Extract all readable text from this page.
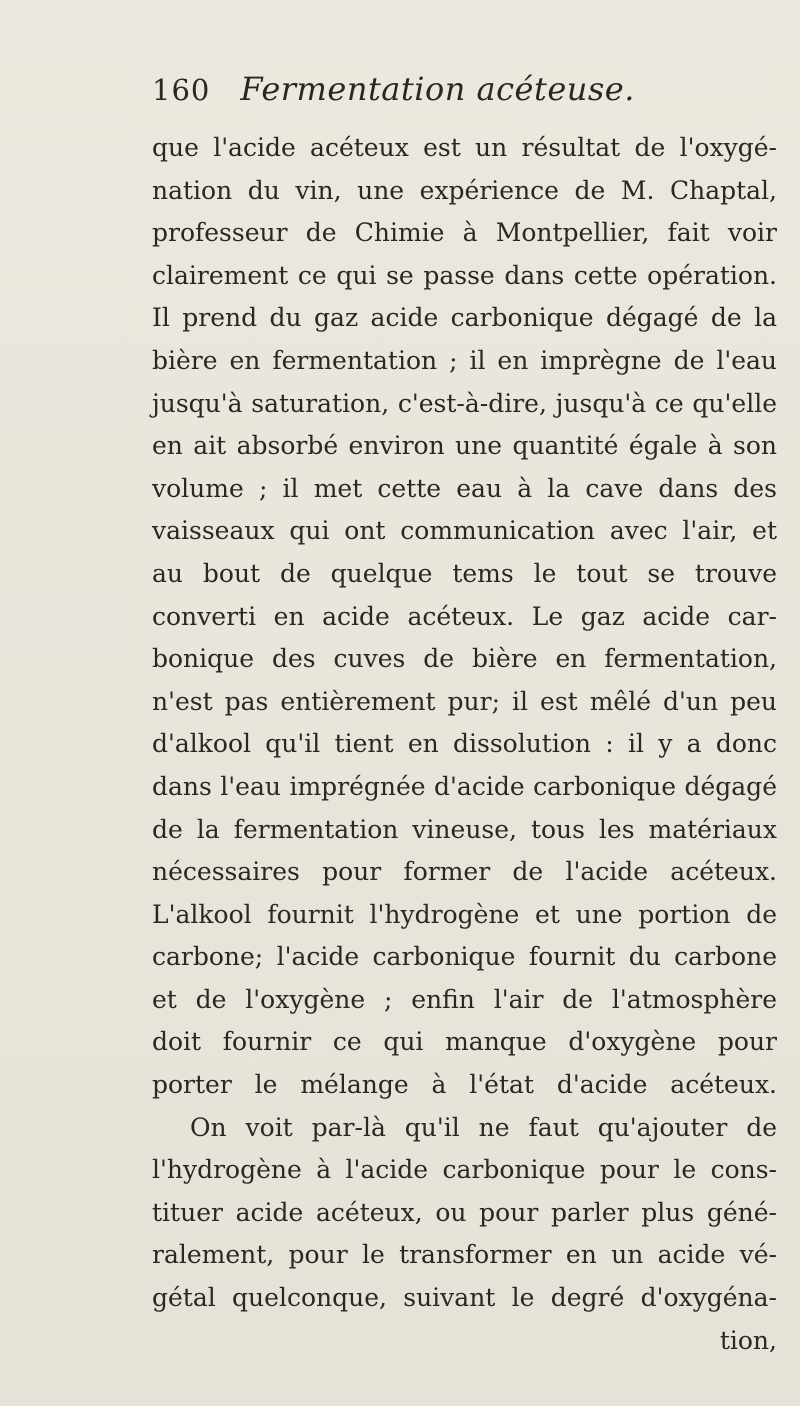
160 Fermentation acéteuse.
que l'acide acéteux est un résultat de l'oxygé-
nation du vin, une expérience de M. Chaptal,
professeur de Chimie à Montpellier, fait voir
clairement ce qui se passe dans cette opération.
Il prend du gaz acide carbonique dégagé de la
bière en fermentation ; il en imprègne de l'eau
jusqu'à saturation, c'est-à-dire, jusqu'à ce qu'elle
en ait absorbé environ une quantité égale à son
volume ; il met cette eau à la cave dans des
vaisseaux qui ont communication avec l'air, et
au bout de quelque tems le tout se trouve
converti en acide acéteux. Le gaz acide car-
bonique des cuves de bière en fermentation,
n'est pas entièrement pur; il est mêlé d'un peu
d'alkool qu'il tient en dissolution : il y a donc
dans l'eau imprégnée d'acide carbonique dégagé
de la fermentation vineuse, tous les matériaux
nécessaires pour former de l'acide acéteux.
L'alkool fournit l'hydrogène et une portion de
carbone; l'acide carbonique fournit du carbone
et de l'oxygène ; enfin l'air de l'atmosphère
doit fournir ce qui manque d'oxygène pour
porter le mélange à l'état d'acide acéteux.
On voit par-là qu'il ne faut qu'ajouter de
l'hydrogène à l'acide carbonique pour le cons-
tituer acide acéteux, ou pour parler plus géné-
ralement, pour le transformer en un acide vé-
gétal quelconque, suivant le degré d'oxygéna-
tion,
